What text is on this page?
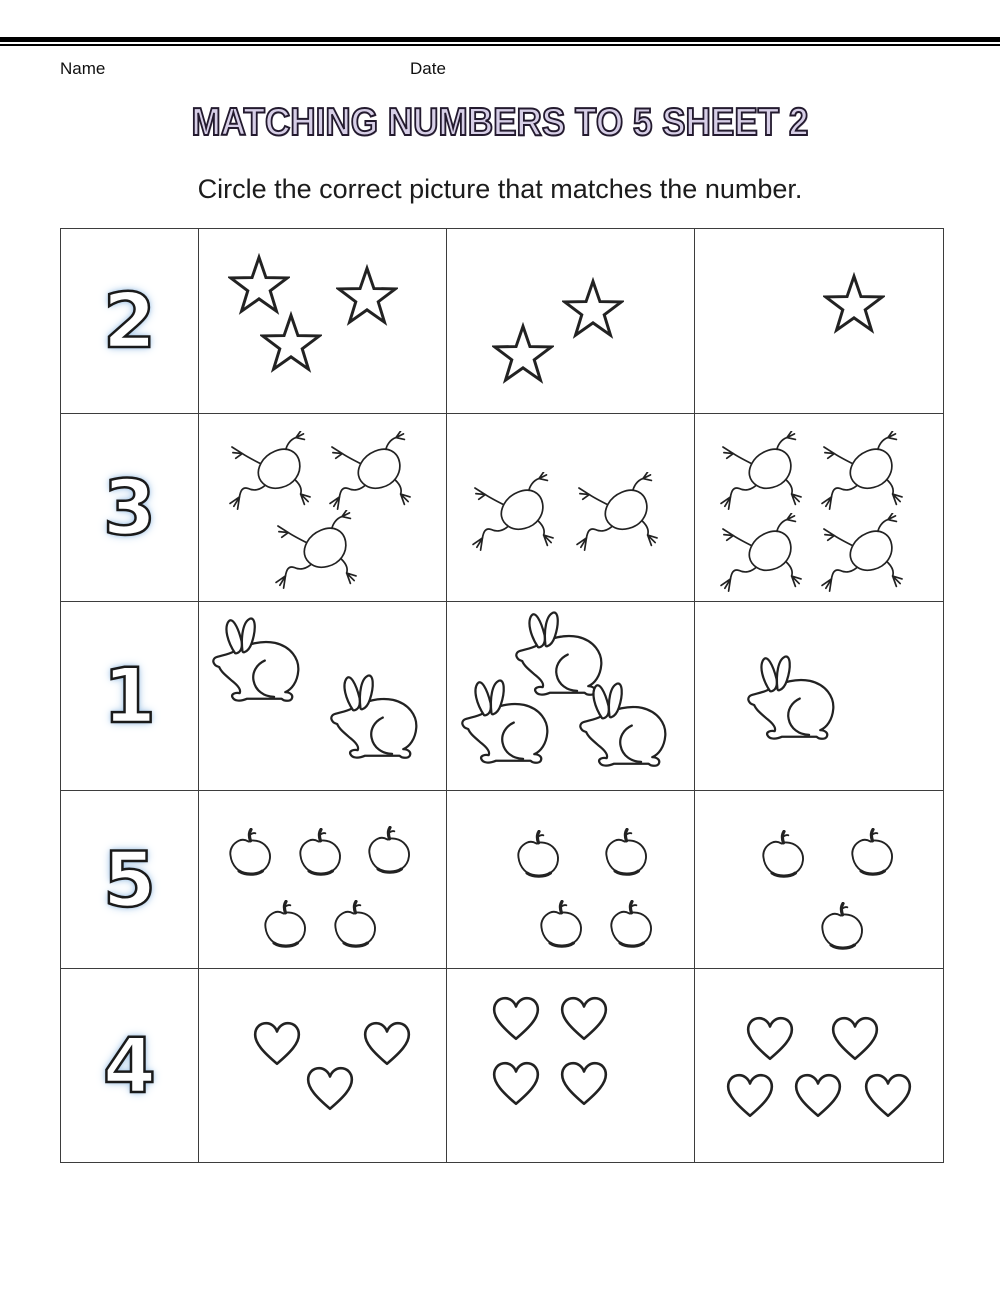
Name	Date
MATCHING NUMBERS TO 5 SHEET 2

Circle the correct picture that matches the number.

2
3
1
5
4
